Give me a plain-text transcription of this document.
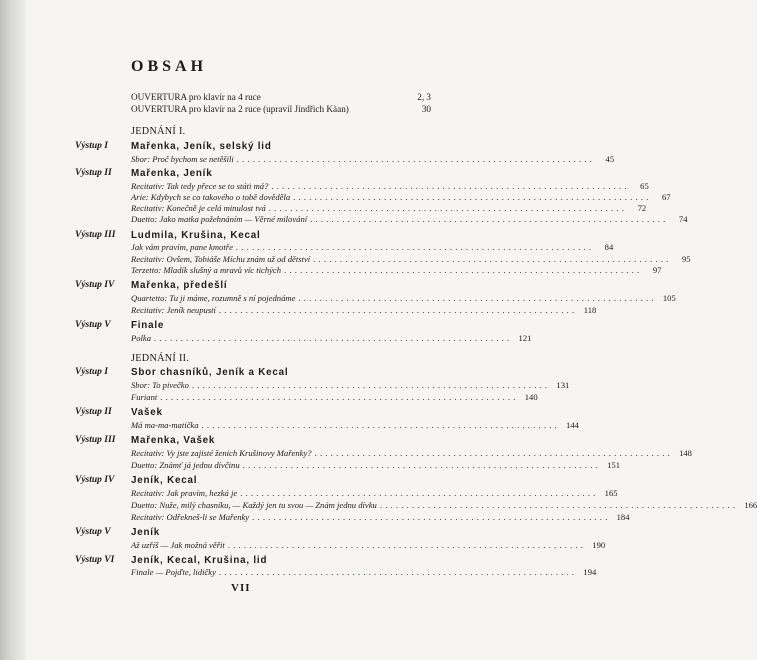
OBSAH
OUVERTURA pro klavír na 4 ruce	2, 3
OUVERTURA pro klavír na 2 ruce (upravil Jindřich Kàan)	30
JEDNÁNÍ I.
Výstup I Mařenka, Jeník, selský lid
Sbor: Proč bychom se netěšili ...................................................................	45
Výstup II Mařenka, Jeník
Recitativ: Tak tedy přece se to státi má? ...................................................................	65
Arie: Kdybych se co takového o tobě dověděla ...................................................................	67
Recitativ: Konečně je celá minulost tvá ...................................................................	72
Duetto: Jako matka požehnáním — Věrné milování ...................................................................	74
Výstup III Ludmila, Krušina, Kecal
Jak vám pravím, pane kmotře ...................................................................	84
Recitativ: Ovšem, Tobiáše Míchu znám už od dětství ...................................................................	95
Terzetto: Mladík slušný a mravů víc tichých ...................................................................	97
Výstup IV Mařenka, předešlí
Quartetto: Tu ji máme, rozumně s ní pojednáme ................................................................... 105
Recitativ: Jeník neupustí ................................................................... 118
Výstup V Finale
Polka ................................................................... 121
JEDNÁNÍ II.
Výstup I Sbor chasníků, Jeník a Kecal
Sbor: To pivečko ................................................................... 131
Furiant ................................................................... 140
Výstup II Vašek
Má ma-ma-matička ................................................................... 144
Výstup III Mařenka, Vašek
Recitativ: Vy jste zajisté ženich Krušinovy Mařenky? ................................................................... 148
Duetto: Známť já jednu dívčinu ................................................................... 151
Výstup IV Jeník, Kecal
Recitativ: Jak pravím, hezká je ................................................................... 165
Duetto: Nuže, milý chasníku, — Každý jen tu svou — Znám jednu dívku ................................................................... 166
Recitativ: Odřekneš-li se Mařenky ................................................................... 184
Výstup V Jeník
Až uzříš — Jak možná věřit ................................................................... 190
Výstup VI Jeník, Kecal, Krušina, lid
Finale — Pojďte, lidičky ................................................................... 194
VII
